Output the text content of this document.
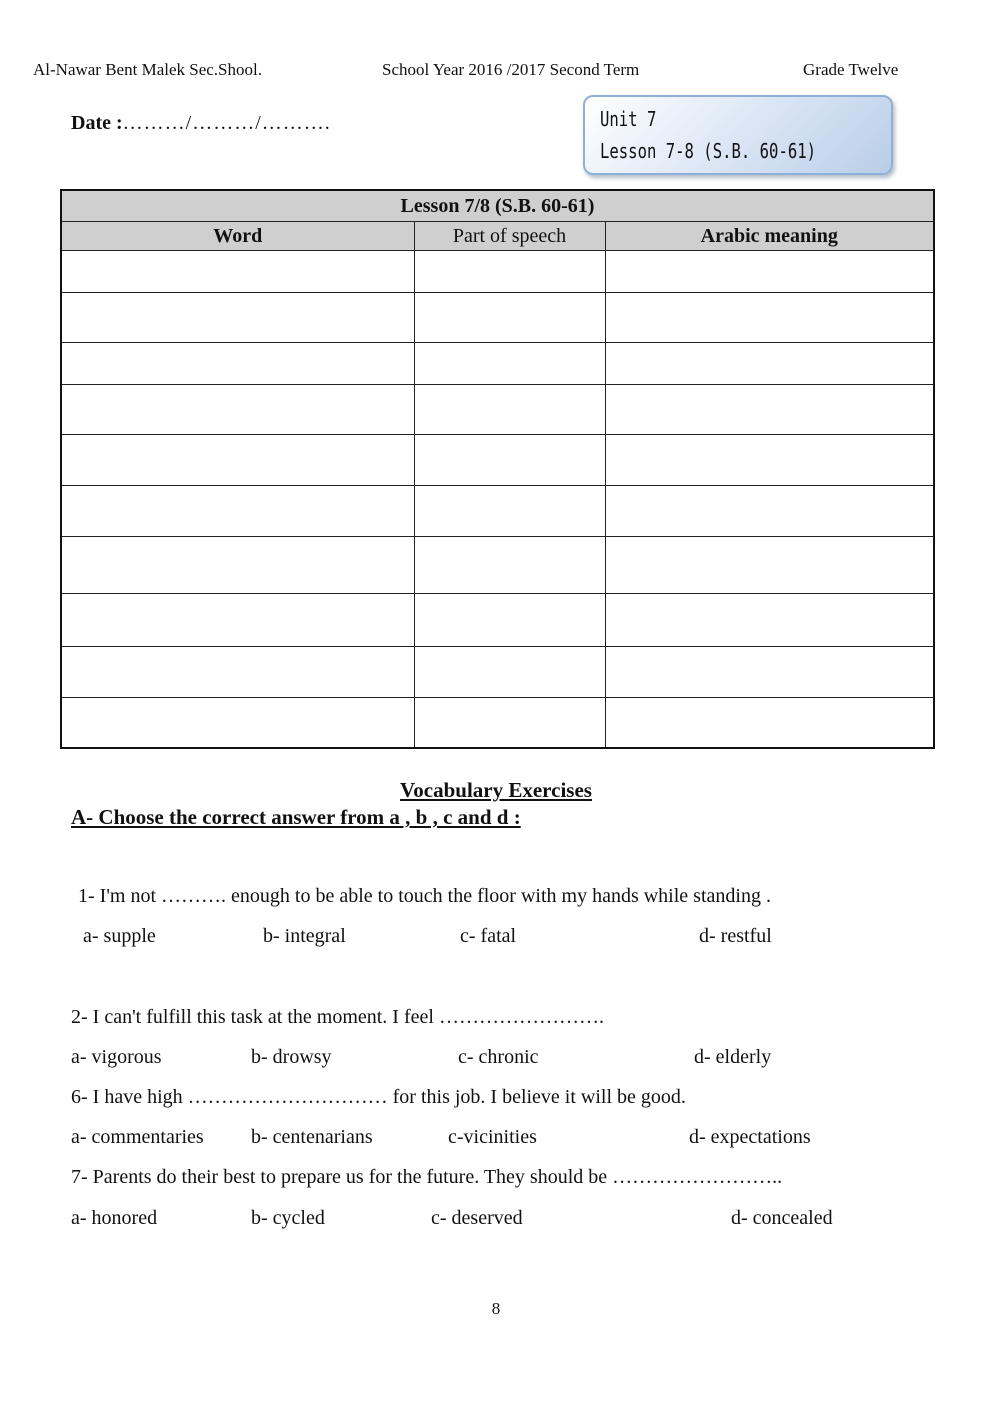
Al-Nawar Bent Malek Sec.Shool.	School Year 2016 /2017 Second Term	Grade Twelve
Date :………/………/……….	Unit 7
Lesson 7-8 (S.B. 60-61)
Lesson 7/8 (S.B. 60-61)		
Word	Part of speech	Arabic meaning

Vocabulary Exercises
A- Choose the correct answer from a , b , c and d :
1- I'm not ………. enough to be able to touch the floor with my hands while standing .
a- supple	b- integral	c- fatal	d- restful
2- I can't fulfill this task at the moment. I feel …………………….
a- vigorous	b- drowsy	c- chronic	d- elderly
6- I have high ………………………… for this job. I believe it will be good.
a- commentaries b- centenarians	c-vicinities	d- expectations
7- Parents do their best to prepare us for the future. They should be ……………………..
a- honored	b- cycled	c- deserved	d- concealed
8
